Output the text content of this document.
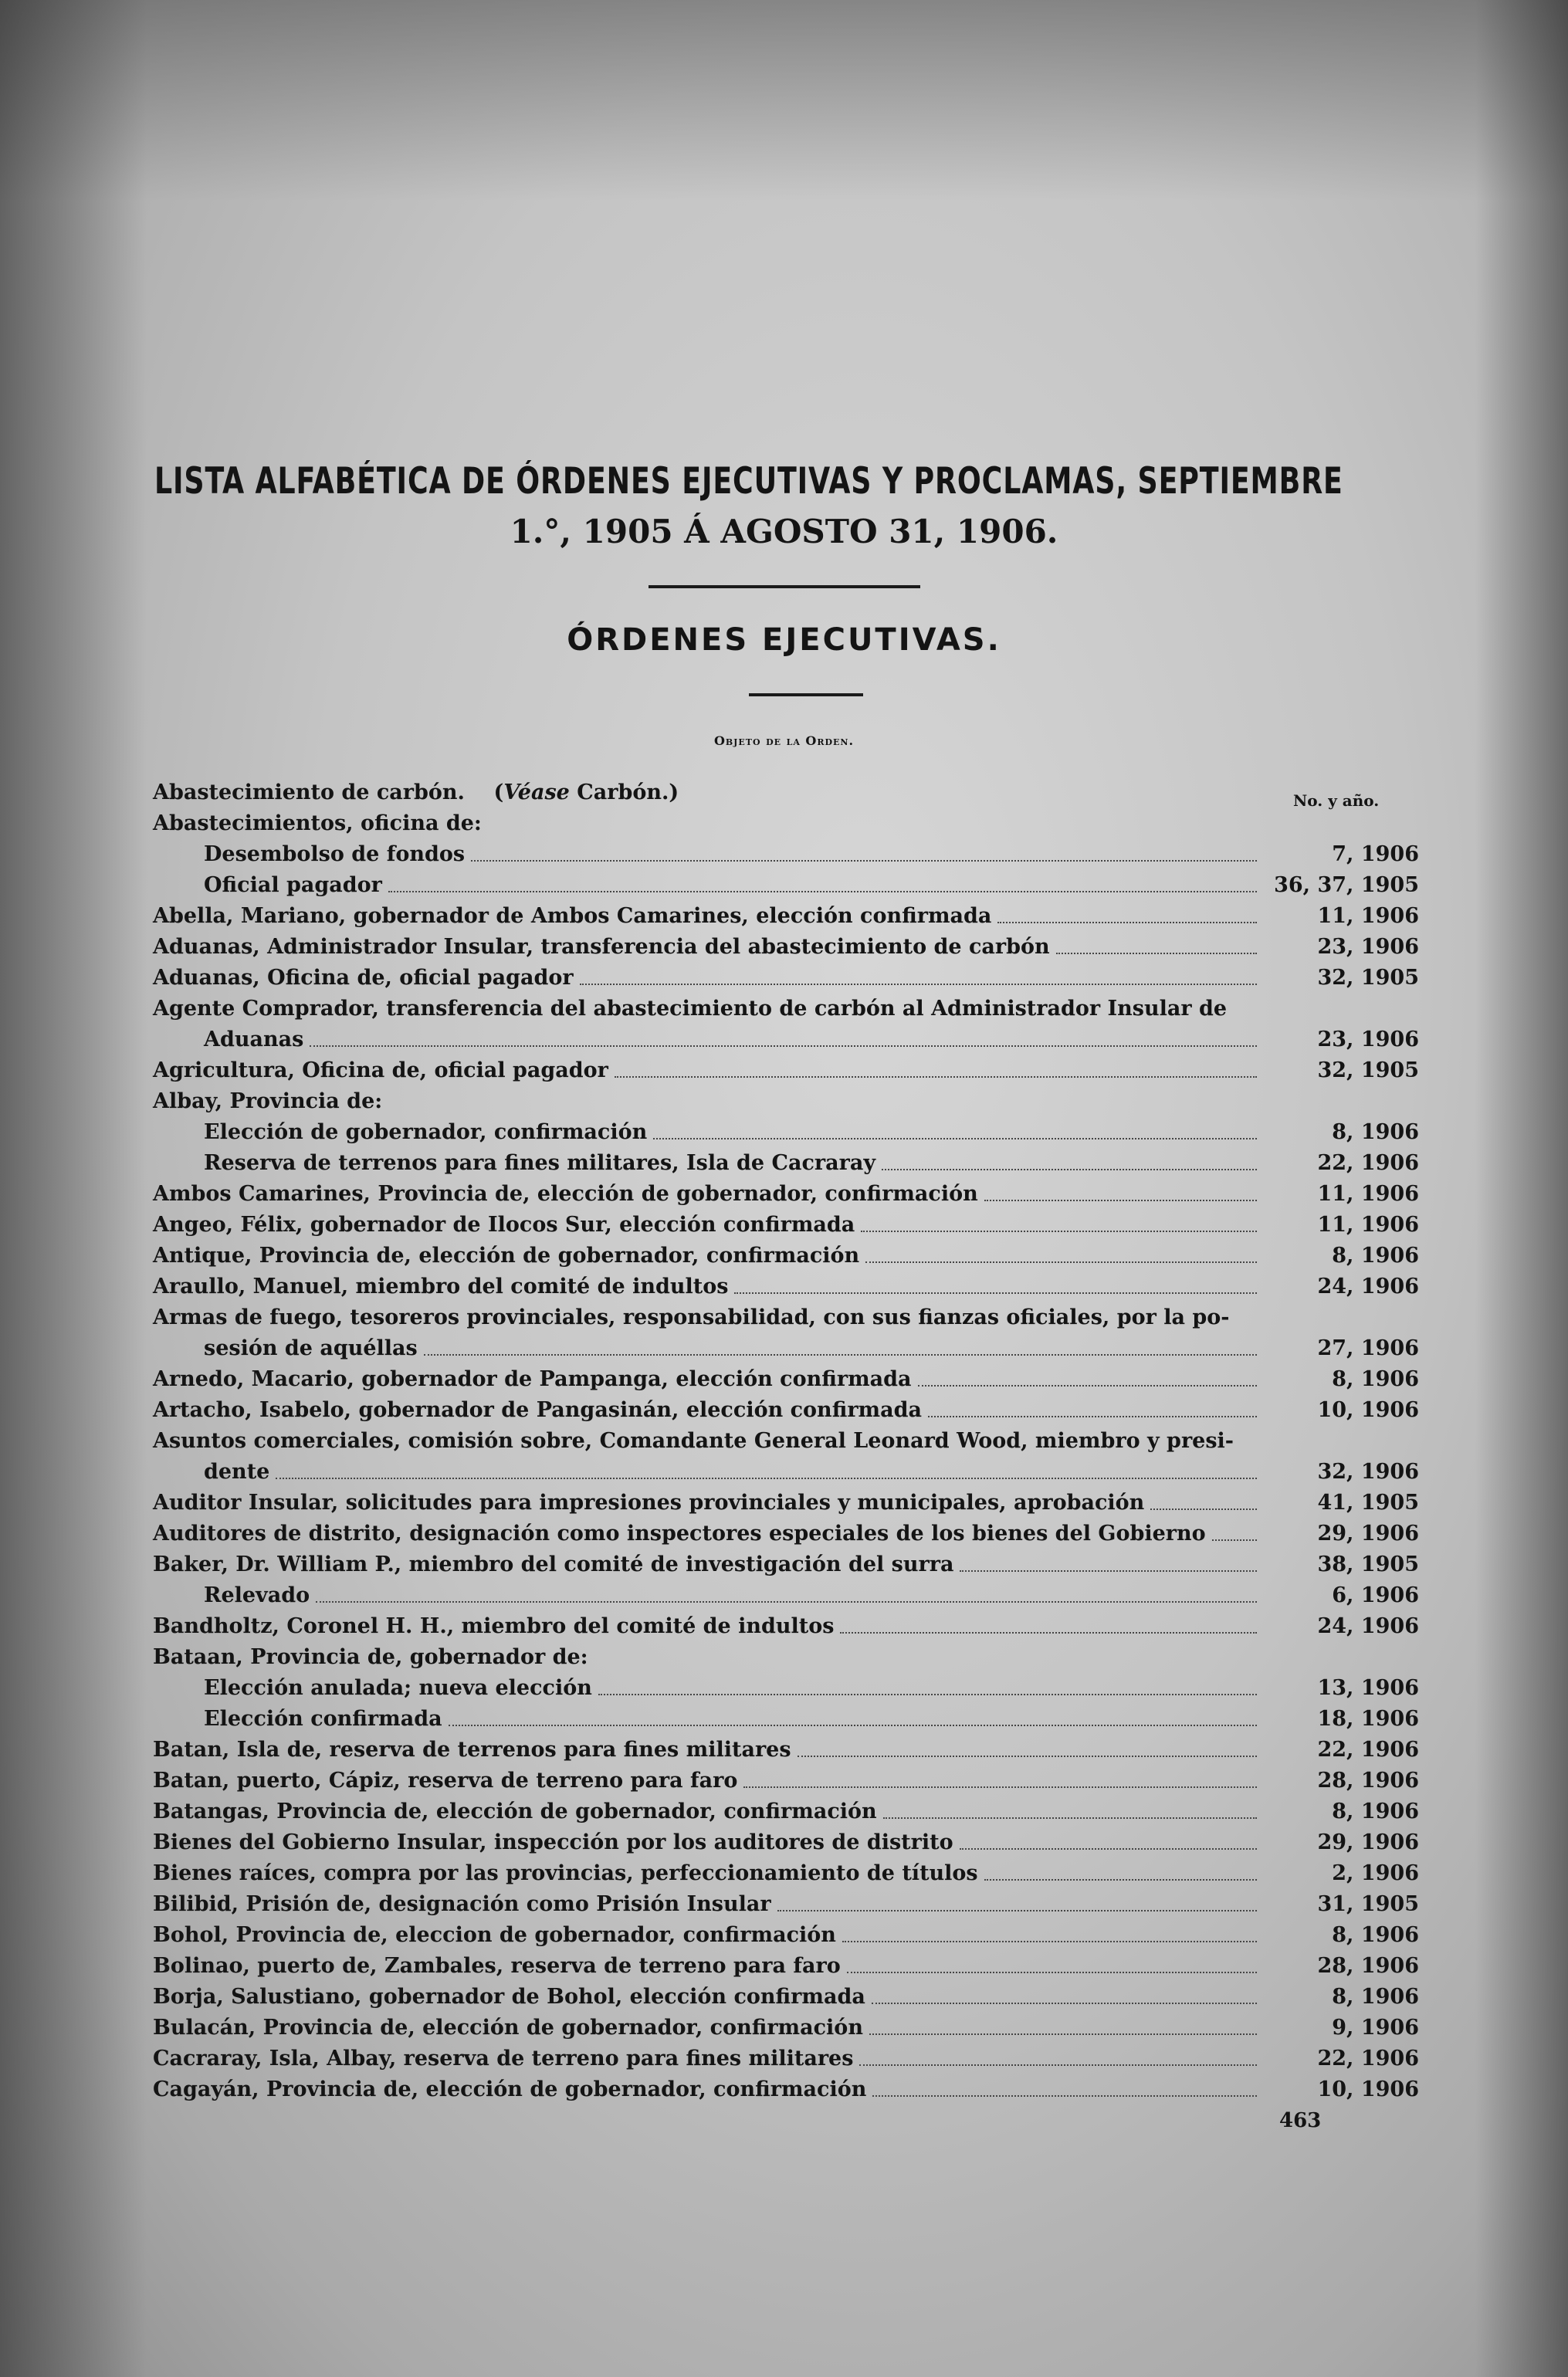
LISTA ALFABÉTICA DE ÓRDENES EJECUTIVAS Y PROCLAMAS, SEPTIEMBRE
1.°, 1905 Á AGOSTO 31, 1906.
ÓRDENES EJECUTIVAS.
Objeto de la Orden.
No. y año.
Abastecimiento de carbón. (Véase Carbón.)
Abastecimientos, oficina de:
Desembolso de fondos	7, 1906
Oficial pagador	36, 37, 1905
Abella, Mariano, gobernador de Ambos Camarines, elección confirmada	11, 1906
Aduanas, Administrador Insular, transferencia del abastecimiento de carbón	23, 1906
Aduanas, Oficina de, oficial pagador	32, 1905
Agente Comprador, transferencia del abastecimiento de carbón al Administrador Insular de
Aduanas	23, 1906
Agricultura, Oficina de, oficial pagador	32, 1905
Albay, Provincia de:
Elección de gobernador, confirmación	8, 1906
Reserva de terrenos para fines militares, Isla de Cacraray	22, 1906
Ambos Camarines, Provincia de, elección de gobernador, confirmación	11, 1906
Angeo, Félix, gobernador de Ilocos Sur, elección confirmada	11, 1906
Antique, Provincia de, elección de gobernador, confirmación	8, 1906
Araullo, Manuel, miembro del comité de indultos	24, 1906
Armas de fuego, tesoreros provinciales, responsabilidad, con sus fianzas oficiales, por la po-
sesión de aquéllas	27, 1906
Arnedo, Macario, gobernador de Pampanga, elección confirmada	8, 1906
Artacho, Isabelo, gobernador de Pangasinán, elección confirmada	10, 1906
Asuntos comerciales, comisión sobre, Comandante General Leonard Wood, miembro y presi-
dente	32, 1906
Auditor Insular, solicitudes para impresiones provinciales y municipales, aprobación	41, 1905
Auditores de distrito, designación como inspectores especiales de los bienes del Gobierno	29, 1906
Baker, Dr. William P., miembro del comité de investigación del surra	38, 1905
Relevado	6, 1906
Bandholtz, Coronel H. H., miembro del comité de indultos	24, 1906
Bataan, Provincia de, gobernador de:
Elección anulada; nueva elección	13, 1906
Elección confirmada	18, 1906
Batan, Isla de, reserva de terrenos para fines militares	22, 1906
Batan, puerto, Cápiz, reserva de terreno para faro	28, 1906
Batangas, Provincia de, elección de gobernador, confirmación	8, 1906
Bienes del Gobierno Insular, inspección por los auditores de distrito	29, 1906
Bienes raíces, compra por las provincias, perfeccionamiento de títulos	2, 1906
Bilibid, Prisión de, designación como Prisión Insular	31, 1905
Bohol, Provincia de, eleccion de gobernador, confirmación	8, 1906
Bolinao, puerto de, Zambales, reserva de terreno para faro	28, 1906
Borja, Salustiano, gobernador de Bohol, elección confirmada	8, 1906
Bulacán, Provincia de, elección de gobernador, confirmación	9, 1906
Cacraray, Isla, Albay, reserva de terreno para fines militares	22, 1906
Cagayán, Provincia de, elección de gobernador, confirmación	10, 1906
463
